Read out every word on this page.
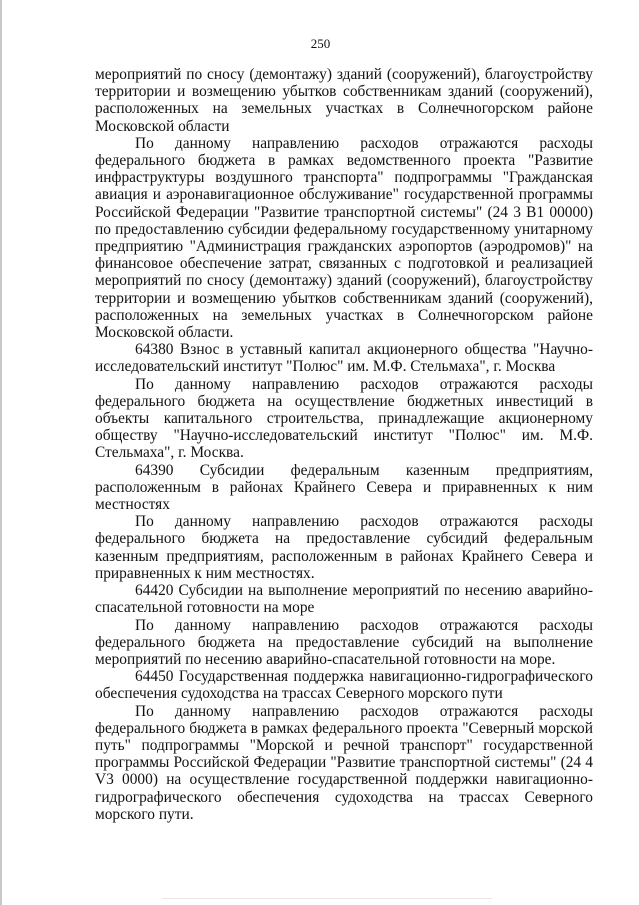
250

мероприятий по сносу (демонтажу) зданий (сооружений), благоустройству территории и возмещению убытков собственникам зданий (сооружений), расположенных на земельных участках в Солнечногорском районе Московской области

По данному направлению расходов отражаются расходы федерального бюджета в рамках ведомственного проекта "Развитие инфраструктуры воздушного транспорта" подпрограммы "Гражданская авиация и аэронавигационное обслуживание" государственной программы Российской Федерации "Развитие транспортной системы" (24 3 В1 00000) по предоставлению субсидии федеральному государственному унитарному предприятию "Администрация гражданских аэропортов (аэродромов)" на финансовое обеспечение затрат, связанных с подготовкой и реализацией мероприятий по сносу (демонтажу) зданий (сооружений), благоустройству территории и возмещению убытков собственникам зданий (сооружений), расположенных на земельных участках в Солнечногорском районе Московской области.

64380 Взнос в уставный капитал акционерного общества "Научно-исследовательский институт "Полюс" им. М.Ф. Стельмаха", г. Москва

По данному направлению расходов отражаются расходы федерального бюджета на осуществление бюджетных инвестиций в объекты капитального строительства, принадлежащие акционерному обществу "Научно-исследовательский институт "Полюс" им. М.Ф. Стельмаха", г. Москва.

64390 Субсидии федеральным казенным предприятиям, расположенным в районах Крайнего Севера и приравненных к ним местностях

По данному направлению расходов отражаются расходы федерального бюджета на предоставление субсидий федеральным казенным предприятиям, расположенным в районах Крайнего Севера и приравненных к ним местностях.

64420 Субсидии на выполнение мероприятий по несению аварийно-спасательной готовности на море

По данному направлению расходов отражаются расходы федерального бюджета на предоставление субсидий на выполнение мероприятий по несению аварийно-спасательной готовности на море.

64450 Государственная поддержка навигационно-гидрографического обеспечения судоходства на трассах Северного морского пути

По данному направлению расходов отражаются расходы федерального бюджета в рамках федерального проекта "Северный морской путь" подпрограммы "Морской и речной транспорт" государственной программы Российской Федерации "Развитие транспортной системы" (24 4 V3 0000) на осуществление государственной поддержки навигационно-гидрографического обеспечения судоходства на трассах Северного морского пути.
